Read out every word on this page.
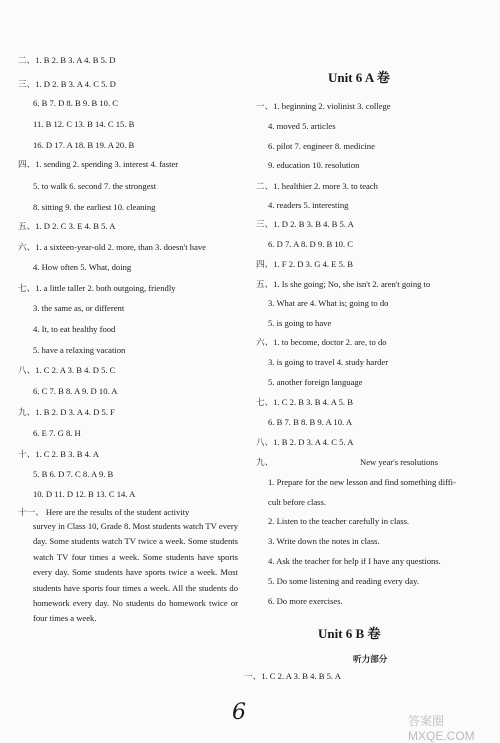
二、1. B 2. B 3. A 4. B 5. D
三、1. D 2. B 3. A 4. C 5. D
6. B 7. D 8. B 9. B 10. C
11. B 12. C 13. B 14. C 15. B
16. D 17. A 18. B 19. A 20. B
四、1. sending 2. spending 3. interest 4. faster
5. to walk 6. second 7. the strongest
8. sitting 9. the earliest 10. cleaning
五、1. D 2. C 3. E 4. B 5. A
六、1. a sixteen-year-old 2. more, than 3. doesn't have
4. How often 5. What, doing
七、1. a little taller 2. both outgoing, friendly
3. the same as, or different
4. It, to eat healthy food
5. have a relaxing vacation
八、1. C 2. A 3. B 4. D 5. C
6. C 7. B 8. A 9. D 10. A
九、1. B 2. D 3. A 4. D 5. F
6. E 7. G 8. H
十、1. C 2. B 3. B 4. A
5. B 6. D 7. C 8. A 9. B
10. D 11. D 12. B 13. C 14. A
十一、 Here are the results of the student activity
survey in Class 10, Grade 8. Most students watch TV every day. Some students watch TV twice a week. Some students watch TV four times a week. Some students have sports every day. Some students have sports twice a week. Most students have sports four times a week. All the students do homework every day. No students do homework twice or four times a week.
一、1. beginning 2. violinist 3. college
4. moved 5. articles
6. pilot 7. engineer 8. medicine
9. education 10. resolution
二、1. healthier 2. more 3. to teach
4. readers 5. interesting
三、1. D 2. B 3. B 4. B 5. A
6. D 7. A 8. D 9. B 10. C
四、1. F 2. D 3. G 4. E 5. B
五、1. Is she going; No, she isn't 2. aren't going to
3. What are 4. What is; going to do
5. is going to have
六、1. to become, doctor 2. are, to do
3. is going to travel 4. study harder
5. another foreign language
七、1. C 2. B 3. B 4. A 5. B
6. B 7. B 8. B 9. A 10. A
八、1. B 2. D 3. A 4. C 5. A
九、	New year's resolutions
1. Prepare for the new lesson and find something diffi-
cult before class.
2. Listen to the teacher carefully in class.
3. Write down the notes in class.
4. Ask the teacher for help if I have any questions.
5. Do some listening and reading every day.
6. Do more exercises.
Unit 6 A 卷
Unit 6 B 卷
听力部分
一、1. C 2. A 3. B 4. B 5. A
6	答案圈 MXQE.COM
